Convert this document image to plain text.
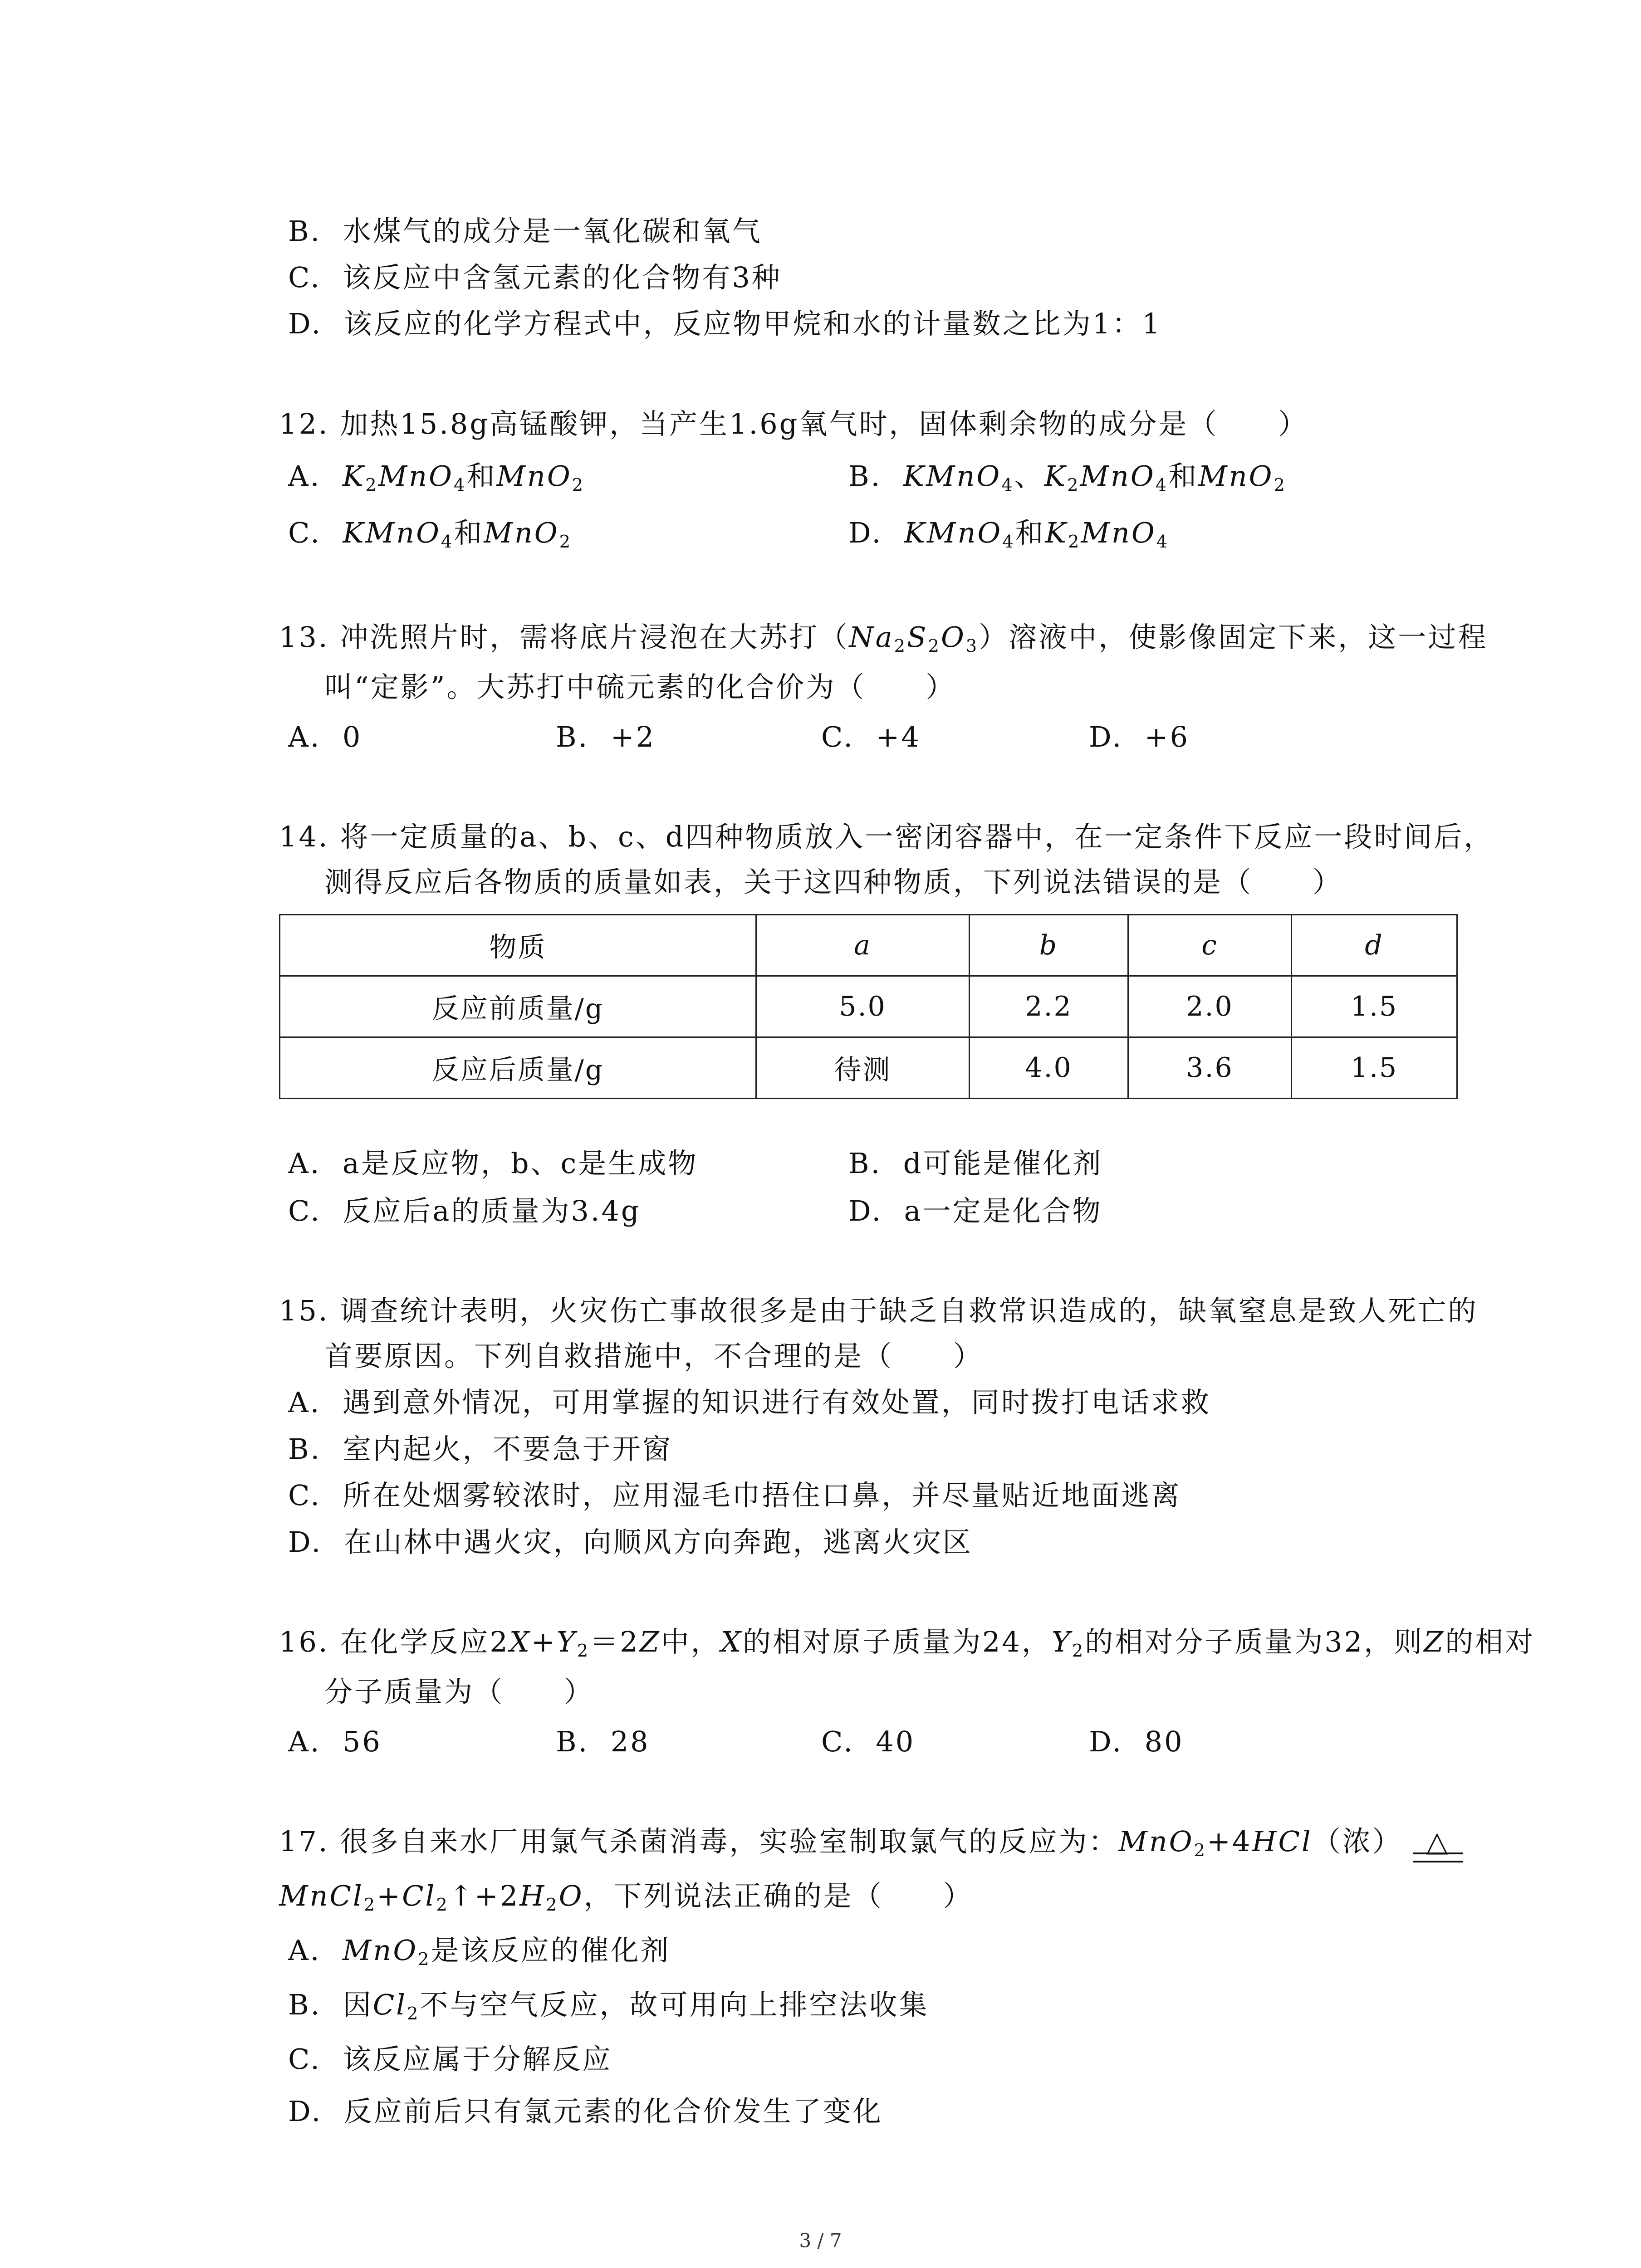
B. 水煤气的成分是一氧化碳和氧气
C. 该反应中含氢元素的化合物有3种
D. 该反应的化学方程式中，反应物甲烷和水的计量数之比为1：1
12. 加热15.8g高锰酸钾，当产生1.6g氧气时，固体剩余物的成分是（　　）
A. $K_2MnO_4$和MnO$_2$	B. KMnO$_4$、$K_2MnO_4$和MnO$_2$
C. KMnO$_4$和MnO$_2$	D. KMnO$_4$和$K_2MnO_4$
13. 冲洗照片时，需将底片浸泡在大苏打$(Na_2S_2O_3)$溶液中，使影像固定下来，这一过程
叫“定影”。大苏打中硫元素的化合价为（　　）
A. 0	B. +2	C. +4	D. +6
14. 将一定质量的a、b、c、d四种物质放入一密闭容器中，在一定条件下反应一段时间后，
测得反应后各物质的质量如表，关于这四种物质，下列说法错误的是（　　）
物质	a	b	c	d
反应前质量/g	5.0	2.2	2.0	1.5
反应后质量/g	待测	4.0	3.6	1.5
A. a是反应物，b、c是生成物	B. d可能是催化剂
C. 反应后a的质量为3.4g	D. a一定是化合物
15. 调查统计表明，火灾伤亡事故很多是由于缺乏自救常识造成的，缺氧窒息是致人死亡的
首要原因。下列自救措施中，不合理的是（　　）
A. 遇到意外情况，可用掌握的知识进行有效处置，同时拨打电话求救
B. 室内起火，不要急于开窗
C. 所在处烟雾较浓时，应用湿毛巾捂住口鼻，并尽量贴近地面逃离
D. 在山林中遇火灾，向顺风方向奔跑，逃离火灾区
16. 在化学反应$2X+Y_2=2Z$中，X的相对原子质量为24，$Y_2$的相对分子质量为32，则Z的相对
分子质量为（　　）
A. 56	B. 28	C. 40	D. 80
17. 很多自来水厂用氯气杀菌消毒，实验室制取氯气的反应为：MnO$_2$+4HCl（浓） △
$MnCl_2+Cl_2↑+2H_2O$，下列说法正确的是（　　）
A. MnO$_2$是该反应的催化剂
B. 因$Cl_2$不与空气反应，故可用向上排空法收集
C. 该反应属于分解反应
D. 反应前后只有氯元素的化合价发生了变化
3 / 7
